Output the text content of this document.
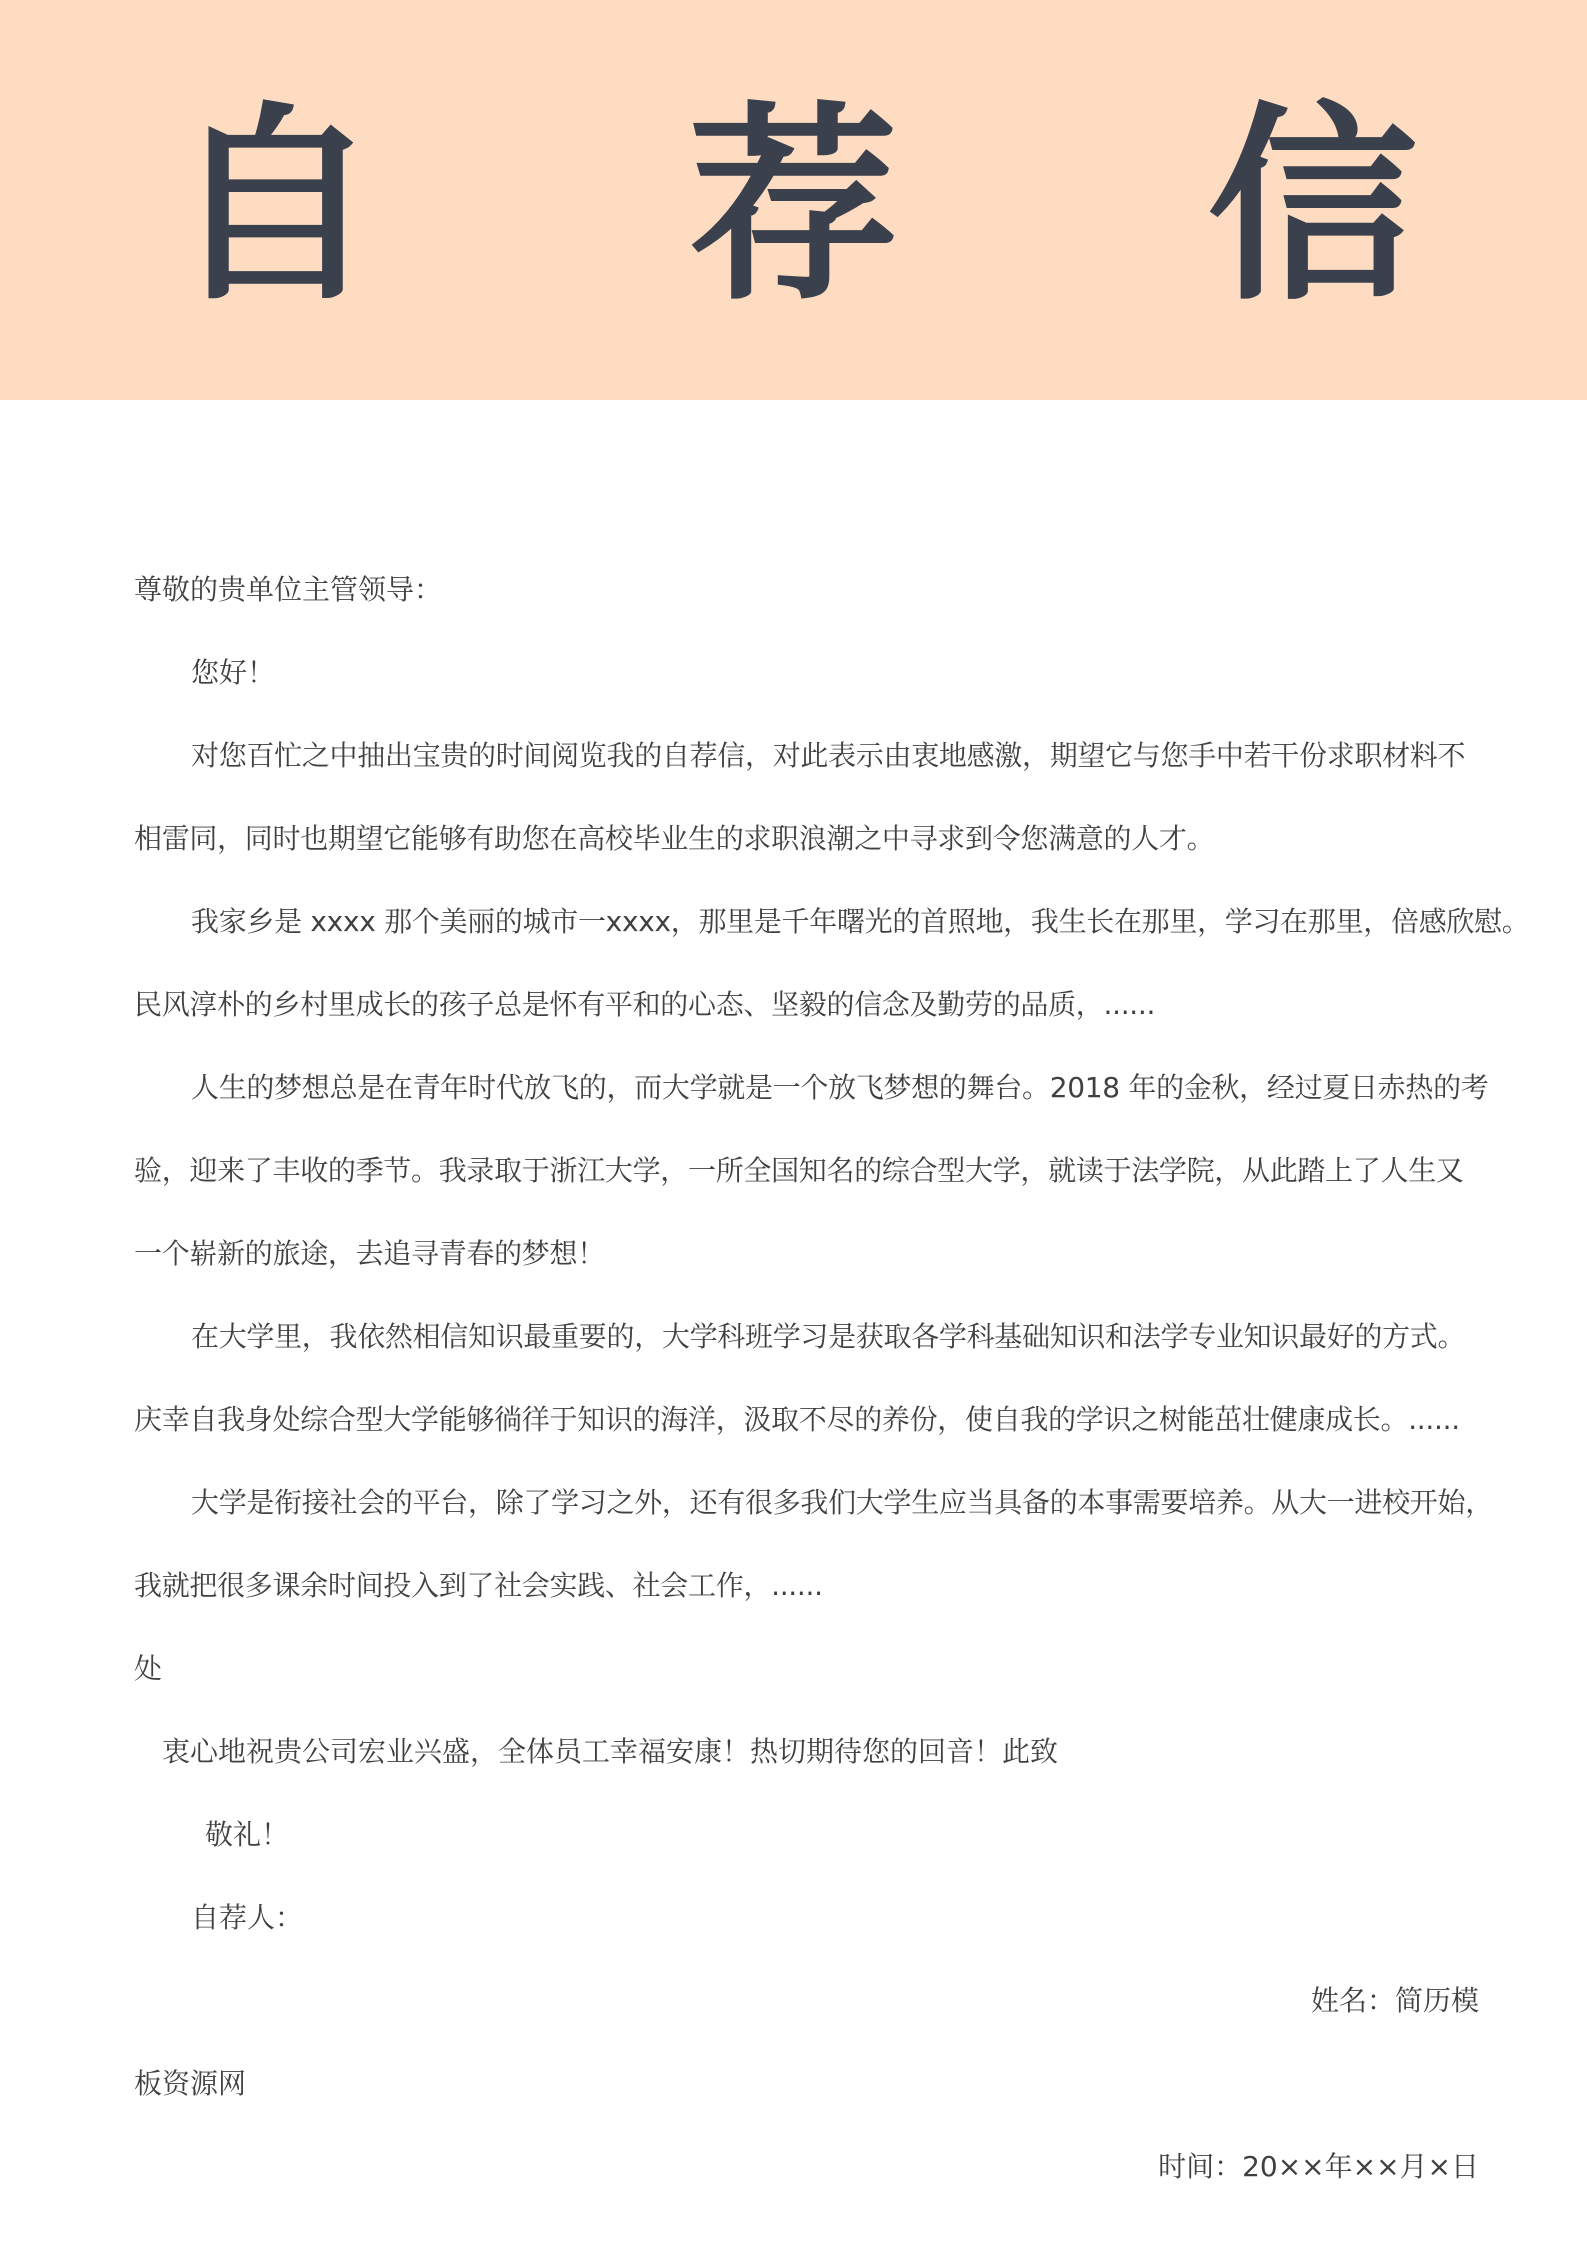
自 荐 信
尊敬的贵单位主管领导：
您好！
对您百忙之中抽出宝贵的时间阅览我的自荐信，对此表示由衷地感激，期望它与您手中若干份求职材料不
相雷同，同时也期望它能够有助您在高校毕业生的求职浪潮之中寻求到令您满意的人才。
我家乡是 xxxx 那个美丽的城市一xxxx，那里是千年曙光的首照地，我生长在那里，学习在那里，倍感欣慰。
民风淳朴的乡村里成长的孩子总是怀有平和的心态、坚毅的信念及勤劳的品质，......
人生的梦想总是在青年时代放飞的，而大学就是一个放飞梦想的舞台。2018 年的金秋，经过夏日赤热的考
验，迎来了丰收的季节。我录取于浙江大学，一所全国知名的综合型大学，就读于法学院，从此踏上了人生又
一个崭新的旅途，去追寻青春的梦想！
在大学里，我依然相信知识最重要的，大学科班学习是获取各学科基础知识和法学专业知识最好的方式。
庆幸自我身处综合型大学能够徜徉于知识的海洋，汲取不尽的养份，使自我的学识之树能茁壮健康成长。......
大学是衔接社会的平台，除了学习之外，还有很多我们大学生应当具备的本事需要培养。从大一进校开始，
我就把很多课余时间投入到了社会实践、社会工作，......
处
衷心地祝贵公司宏业兴盛，全体员工幸福安康！热切期待您的回音！此致
敬礼！
自荐人：
姓名：简历模
板资源网
时间：20××年××月×日
